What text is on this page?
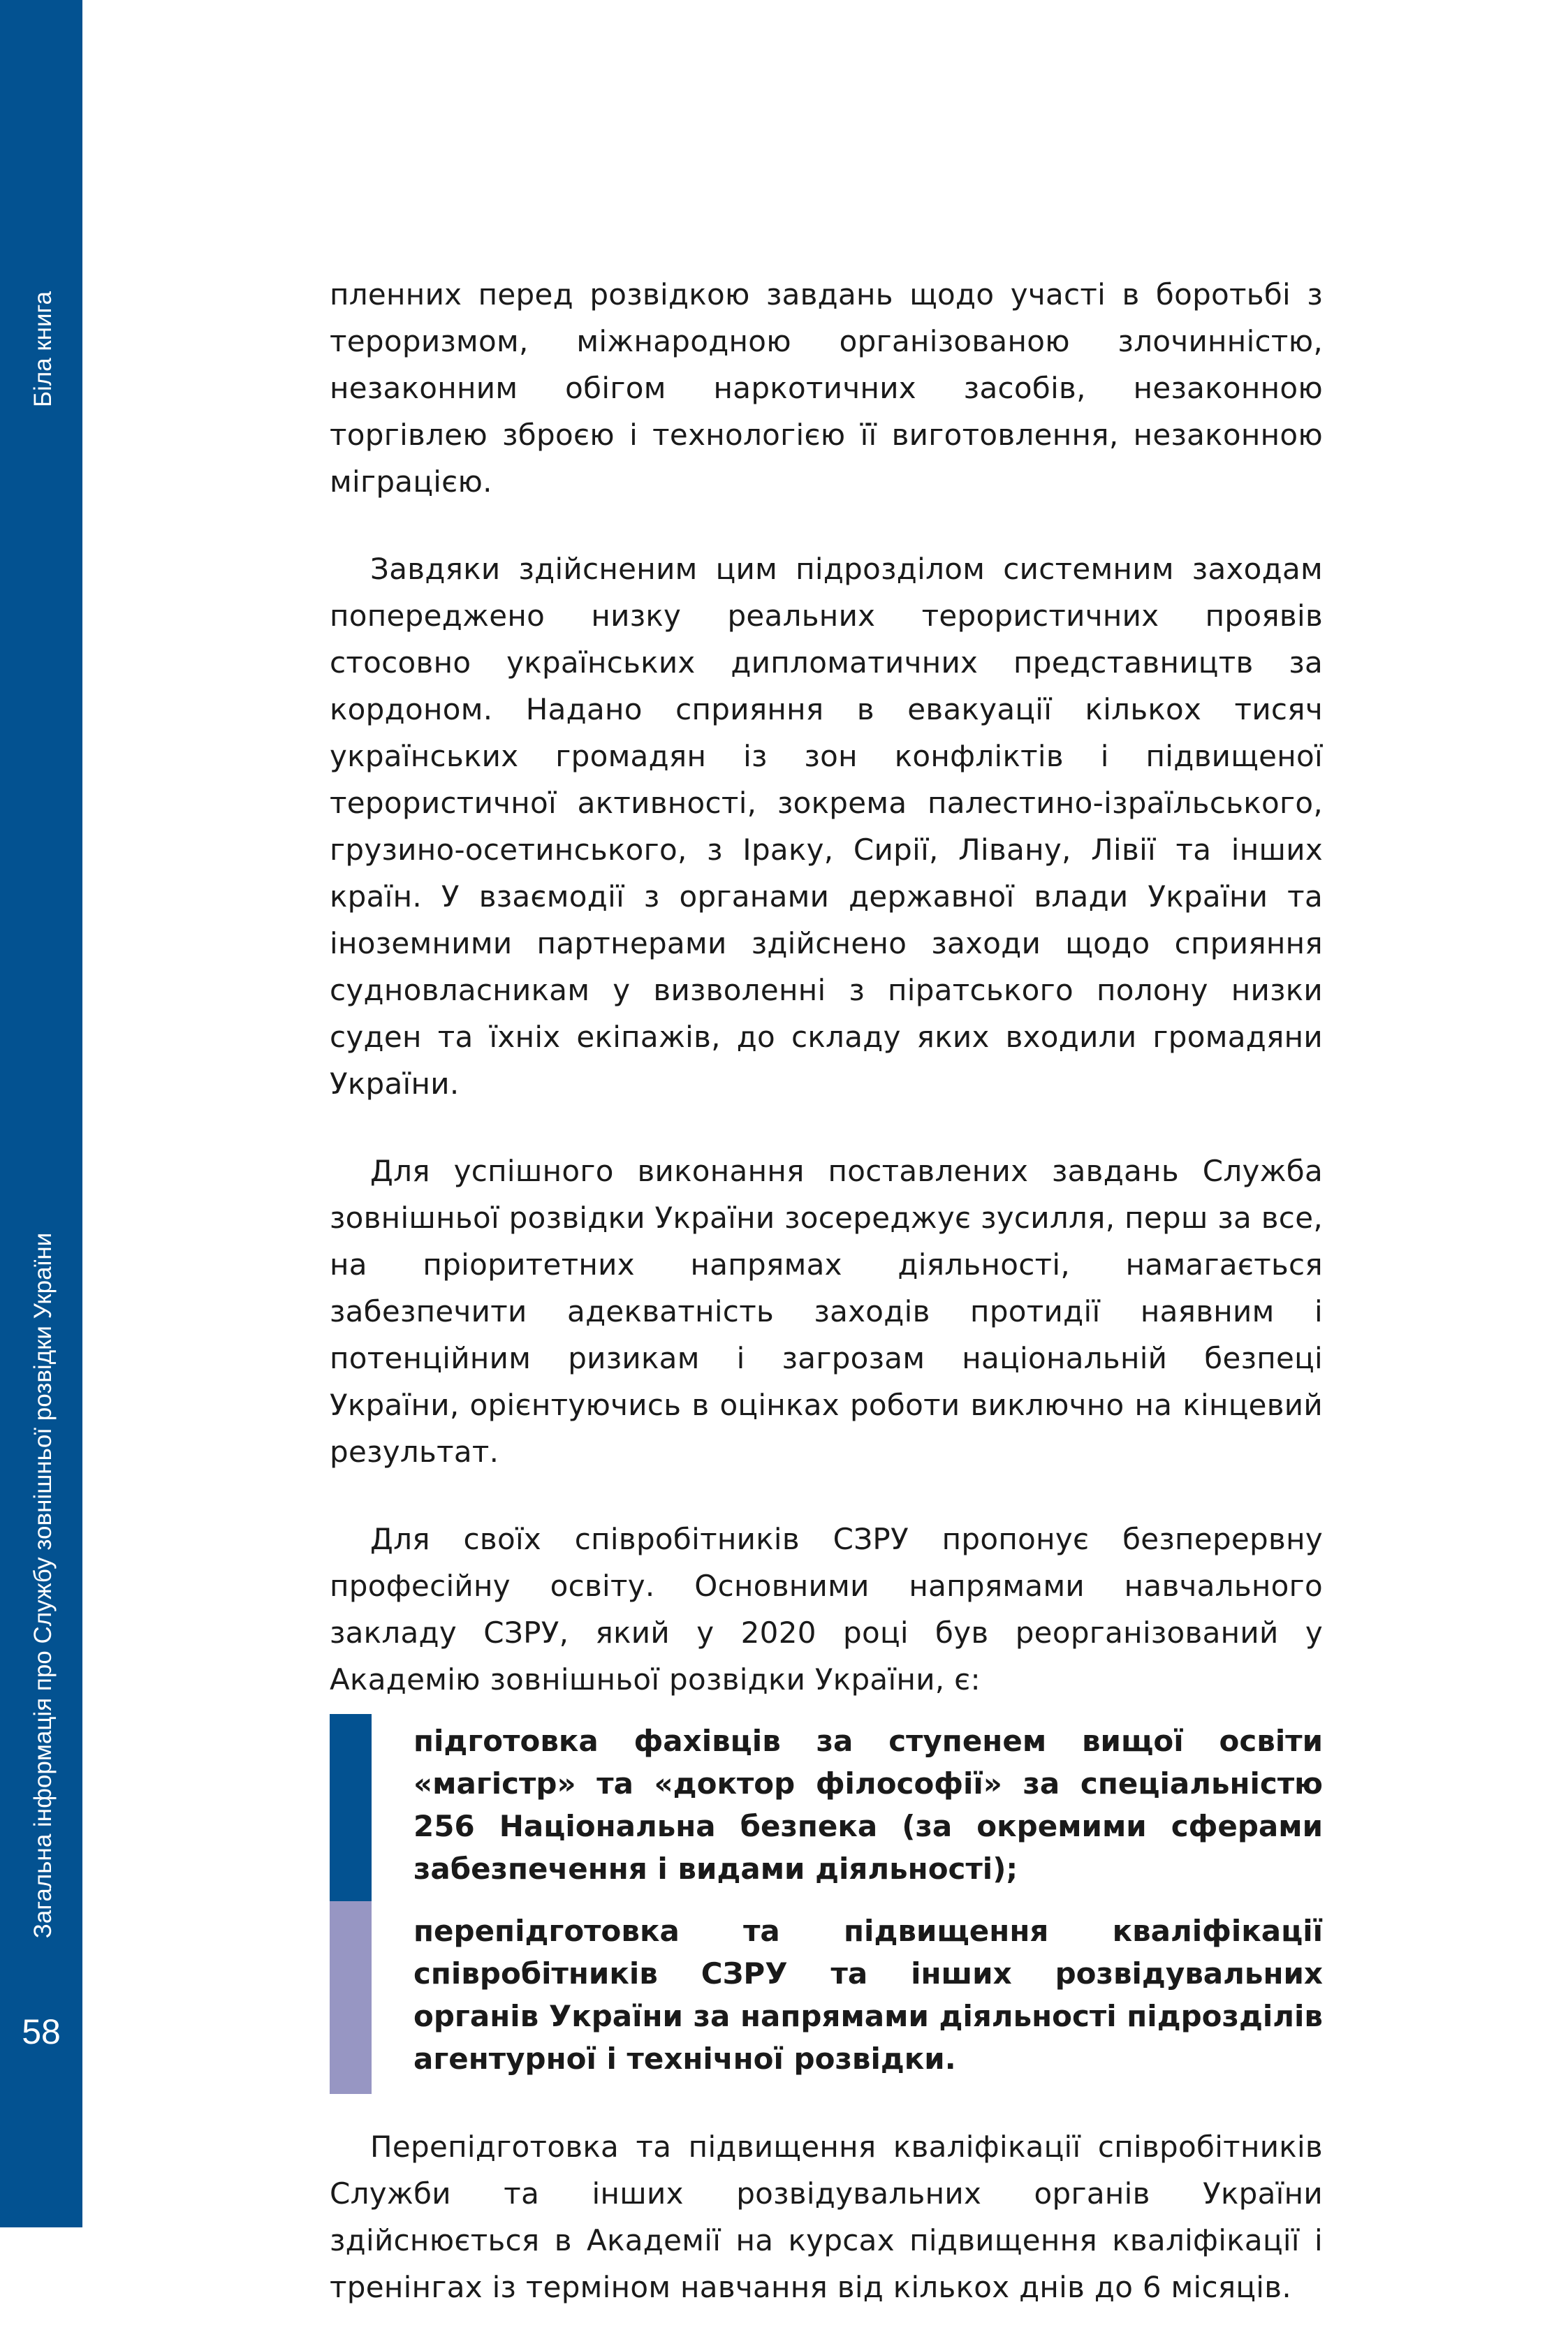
Біла книга
Загальна інформація про Службу зовнішньої розвідки України
58

пленних перед розвідкою завдань щодо участі в боротьбі з тероризмом, міжнародною організованою злочинністю, незаконним обігом наркотичних засобів, незаконною торгівлею зброєю і технологією її виготовлення, незаконною міграцією.

Завдяки здійсненим цим підрозділом системним заходам попереджено низку реальних терористичних проявів стосовно українських дипломатичних представництв за кордоном. Надано сприяння в евакуації кількох тисяч українських громадян із зон конфліктів і підвищеної терористичної активності, зокрема палестино-ізраїльського, грузино-осетинського, з Іраку, Сирії, Лівану, Лівії та інших країн. У взаємодії з органами державної влади України та іноземними партнерами здійснено заходи щодо сприяння судновласникам у визволенні з піратського полону низки суден та їхніх екіпажів, до складу яких входили громадяни України.

Для успішного виконання поставлених завдань Служба зовнішньої розвідки України зосереджує зусилля, перш за все, на пріоритетних напрямах діяльності, намагається забезпечити адекватність заходів протидії наявним і потенційним ризикам і загрозам національній безпеці України, орієнтуючись в оцінках роботи виключно на кінцевий результат.

Для своїх співробітників СЗРУ пропонує безперервну професійну освіту. Основними напрямами навчального закладу СЗРУ, який у 2020 році був реорганізований у Академію зовнішньої розвідки України, є:

підготовка фахівців за ступенем вищої освіти «магістр» та «доктор філософії» за спеціальністю 256 Національна безпека (за окремими сферами забезпечення і видами діяльності);
перепідготовка та підвищення кваліфікації співробітників СЗРУ та інших розвідувальних органів України за напрямами діяльності підрозділів агентурної і технічної розвідки.

Перепідготовка та підвищення кваліфікації співробітників Служби та інших розвідувальних органів України здійснюється в Академії на курсах підвищення кваліфікації і тренінгах із терміном навчання від кількох днів до 6 місяців.
